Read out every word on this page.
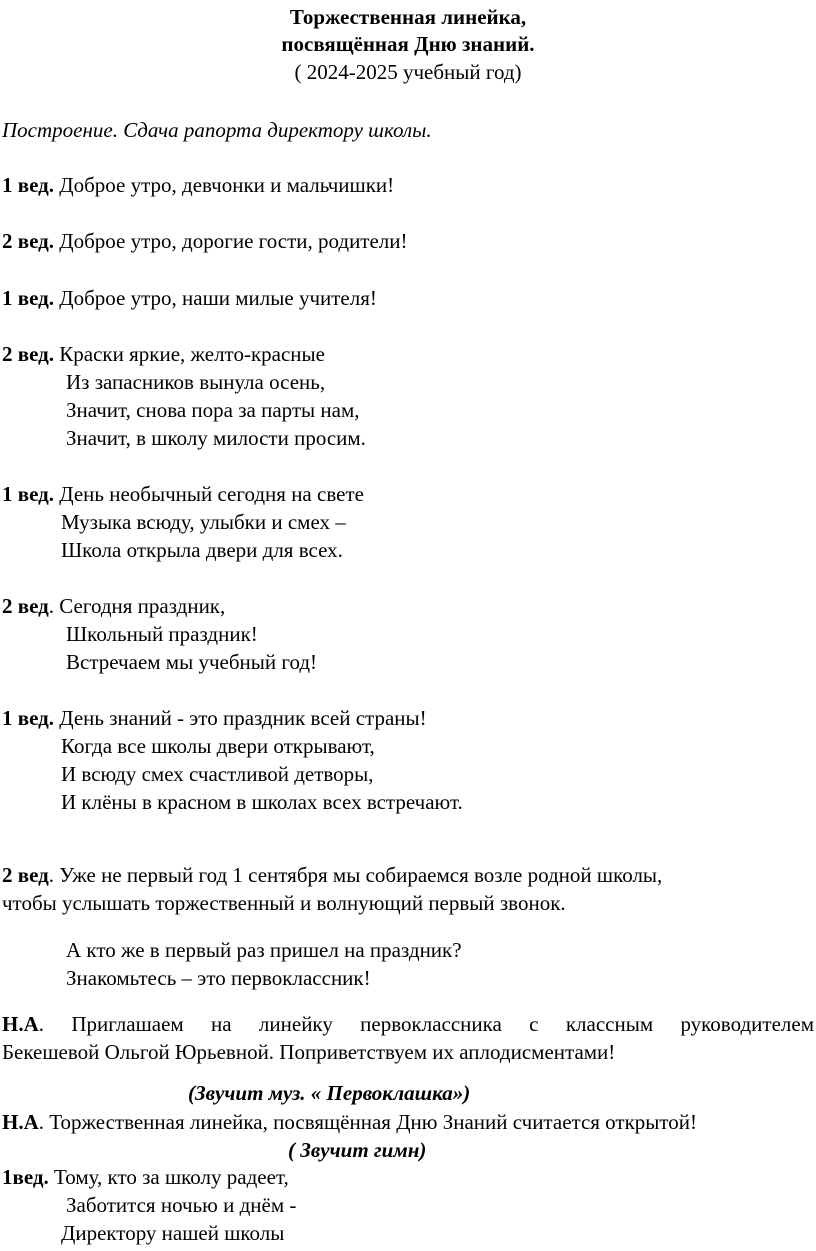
Торжественная линейка,
посвящённая Дню знаний.
( 2024-2025 учебный год)
Построение. Сдача рапорта директору школы.
1 вед. Доброе утро, девчонки и мальчишки!
2 вед. Доброе утро, дорогие гости, родители!
1 вед. Доброе утро, наши милые учителя!
2 вед. Краски яркие, желто-красные
Из запасников вынула осень,
Значит, снова пора за парты нам,
Значит, в школу милости просим.
1 вед. День необычный сегодня на свете
Музыка всюду, улыбки и смех –
Школа открыла двери для всех.
2 вед. Сегодня праздник,
Школьный праздник!
Встречаем мы учебный год!
1 вед. День знаний - это праздник всей страны!
Когда все школы двери открывают,
И всюду смех счастливой детворы,
И клёны в красном в школах всех встречают.
2 вед. Уже не первый год 1 сентября мы собираемся возле родной школы,
чтобы услышать торжественный и волнующий первый звонок.
А кто же в первый раз пришел на праздник?
Знакомьтесь – это первоклассник!
Н.А. Приглашаем на линейку первоклассника с классным руководителем
Бекешевой Ольгой Юрьевной. Поприветствуем их аплодисментами!
(Звучит муз. « Первоклашка»)
Н.А. Торжественная линейка, посвящённая Дню Знаний считается открытой!
( Звучит гимн)
1вед. Тому, кто за школу радеет,
Заботится ночью и днём -
Директору нашей школы
